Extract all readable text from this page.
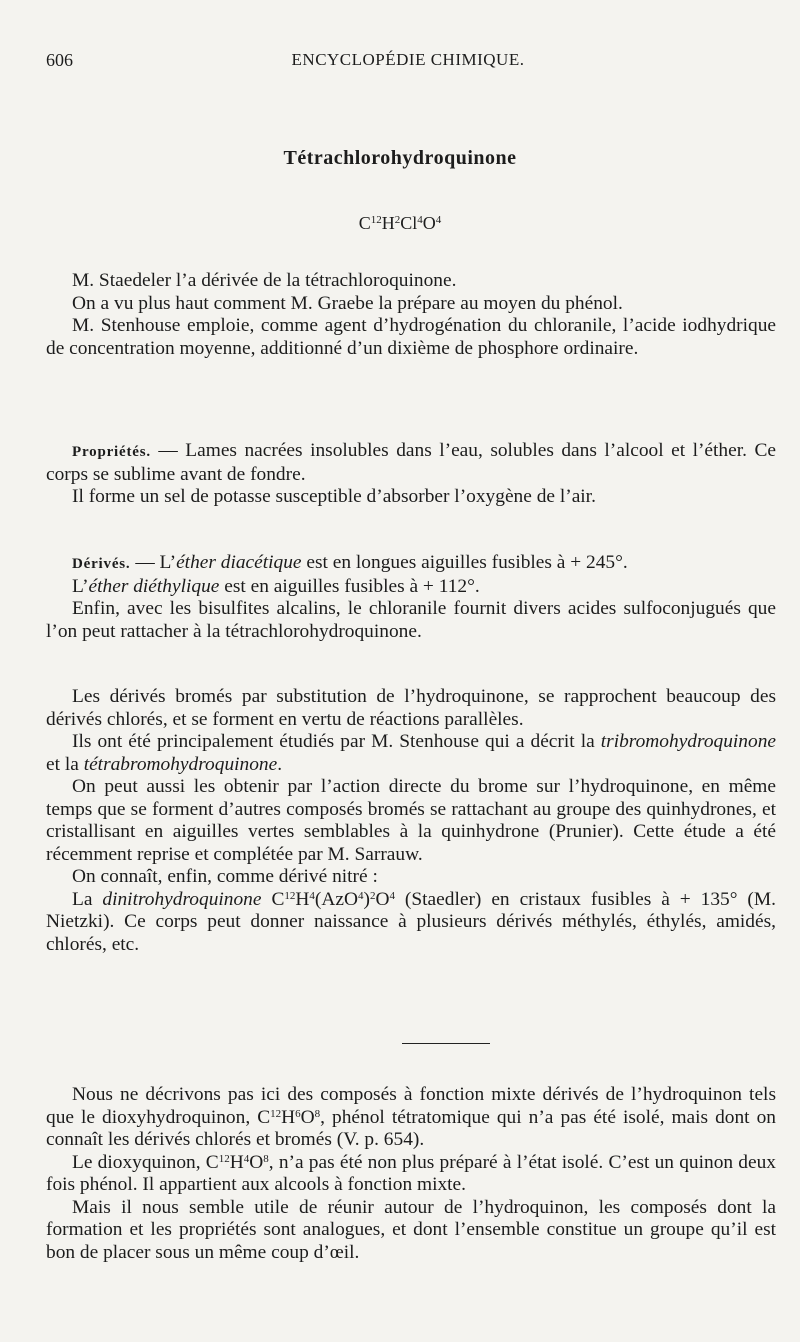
606	ENCYCLOPÉDIE CHIMIQUE.
Tétrachlorohydroquinone
$C^{12}H^2Cl^4O^4$

M. Staedeler l’a dérivée de la tétrachloroquinone.

On a vu plus haut comment M. Graebe la prépare au moyen du phénol.

M. Stenhouse emploie, comme agent d’hydrogénation du chloranile, l’acide iodhydrique de concentration moyenne, additionné d’un dixième de phosphore ordinaire.

Propriétés. — Lames nacrées insolubles dans l’eau, solubles dans l’alcool et l’éther. Ce corps se sublime avant de fondre.

Il forme un sel de potasse susceptible d’absorber l’oxygène de l’air.

Dérivés. — L’éther diacétique est en longues aiguilles fusibles à + 245°.

L’éther diéthylique est en aiguilles fusibles à + 112°.

Enfin, avec les bisulfites alcalins, le chloranile fournit divers acides sulfoconjugués que l’on peut rattacher à la tétrachlorohydroquinone.

Les dérivés bromés par substitution de l’hydroquinone, se rapprochent beaucoup des dérivés chlorés, et se forment en vertu de réactions parallèles.

Ils ont été principalement étudiés par M. Stenhouse qui a décrit la tribromohydroquinone et la tétrabromohydroquinone.

On peut aussi les obtenir par l’action directe du brome sur l’hydroquinone, en même temps que se forment d’autres composés bromés se rattachant au groupe des quinhydrones, et cristallisant en aiguilles vertes semblables à la quinhydrone (Prunier). Cette étude a été récemment reprise et complétée par M. Sarrauw.

On connaît, enfin, comme dérivé nitré :

La dinitrohydroquinone $C^{12}H^4(AzO^4)^2O^4$ (Staedler) en cristaux fusibles à + 135° (M. Nietzki). Ce corps peut donner naissance à plusieurs dérivés méthylés, éthylés, amidés, chlorés, etc.

Nous ne décrivons pas ici des composés à fonction mixte dérivés de l’hydroquinon tels que le dioxyhydroquinon, $C^{12}H^6O^8$, phénol tétratomique qui n’a pas été isolé, mais dont on connaît les dérivés chlorés et bromés (V. p. 654).

Le dioxyquinon, $C^{12}H^4O^8$, n’a pas été non plus préparé à l’état isolé. C’est un quinon deux fois phénol. Il appartient aux alcools à fonction mixte.

Mais il nous semble utile de réunir autour de l’hydroquinon, les composés dont la formation et les propriétés sont analogues, et dont l’ensemble constitue un groupe qu’il est bon de placer sous un même coup d’œil.
